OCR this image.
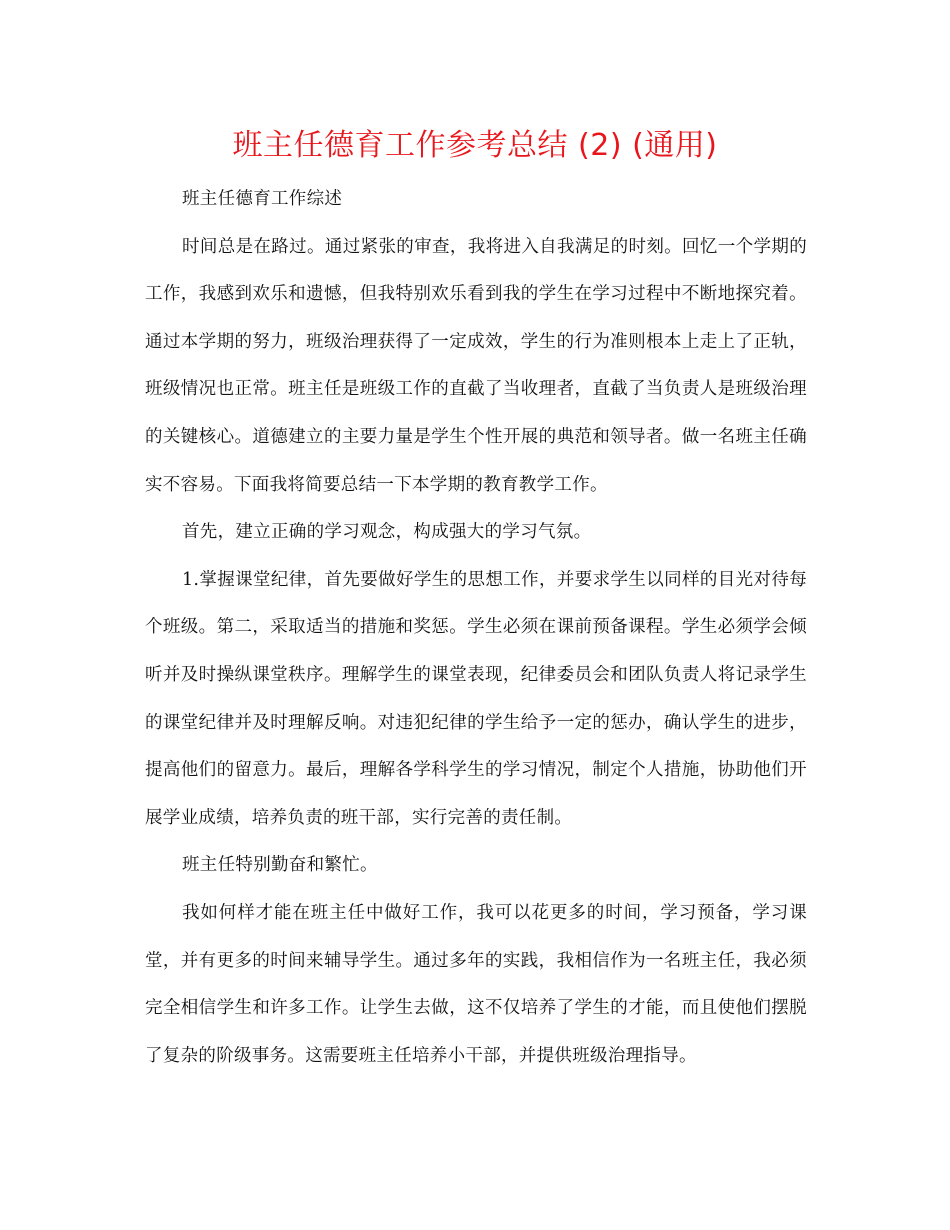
班主任德育工作参考总结 (2) (通用)

班主任德育工作综述

时间总是在路过。通过紧张的审查，我将进入自我满足的时刻。回忆一个学期的工作，我感到欢乐和遗憾，但我特别欢乐看到我的学生在学习过程中不断地探究着。通过本学期的努力，班级治理获得了一定成效，学生的行为准则根本上走上了正轨，班级情况也正常。班主任是班级工作的直截了当收理者，直截了当负责人是班级治理的关键核心。道德建立的主要力量是学生个性开展的典范和领导者。做一名班主任确实不容易。下面我将简要总结一下本学期的教育教学工作。

首先，建立正确的学习观念，构成强大的学习气氛。

1.掌握课堂纪律，首先要做好学生的思想工作，并要求学生以同样的目光对待每个班级。第二，采取适当的措施和奖惩。学生必须在课前预备课程。学生必须学会倾听并及时操纵课堂秩序。理解学生的课堂表现，纪律委员会和团队负责人将记录学生的课堂纪律并及时理解反响。对违犯纪律的学生给予一定的惩办，确认学生的进步，提高他们的留意力。最后，理解各学科学生的学习情况，制定个人措施，协助他们开展学业成绩，培养负责的班干部，实行完善的责任制。

班主任特别勤奋和繁忙。

我如何样才能在班主任中做好工作，我可以花更多的时间，学习预备，学习课堂，并有更多的时间来辅导学生。通过多年的实践，我相信作为一名班主任，我必须完全相信学生和许多工作。让学生去做，这不仅培养了学生的才能，而且使他们摆脱了复杂的阶级事务。这需要班主任培养小干部，并提供班级治理指导。
